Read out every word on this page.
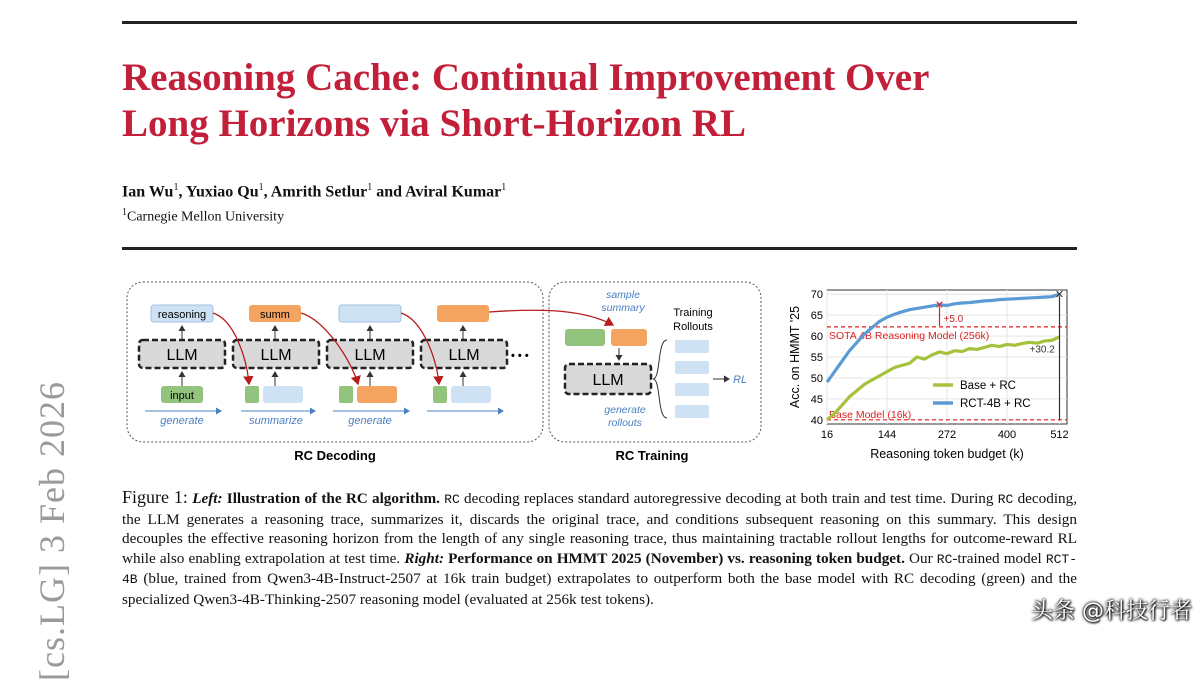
[cs.LG] 3 Feb 2026
Reasoning Cache: Continual Improvement Over
Long Horizons via Short-Horizon RL
Ian Wu$^1$, Yuxiao Qu$^1$, Amrith Setlur$^1$ and Aviral Kumar$^1$
$^1$Carnegie Mellon University
reasoning
LLM
input
generate
summ
LLM
summarize
LLM
generate
LLM	• • •
RC Decoding
sample
summary	Training
Rollouts
LLM	RL
generate
rollouts
RC Training
40
45
50
55
60
65
70
16	144	272	400	512
SOTA 4B Reasoning Model (256k)
Base Model (16k)
✕
✕
+5.0
+30.2
Base + RC
RCT-4B + RC
Reasoning token budget (k)
Acc. on HMMT '25
Figure 1: Left: Illustration of the RC algorithm. RC decoding replaces standard autoregressive decoding at both train and test time. During RC decoding, the LLM generates a reasoning trace, summarizes it, discards the original trace, and conditions subsequent reasoning on this summary. This design decouples the effective reasoning horizon from the length of any single reasoning trace, thus maintaining tractable rollout lengths for outcome-reward RL while also enabling extrapolation at test time. Right: Performance on HMMT 2025 (November) vs. reasoning token budget. Our RC-trained model RCT-4B (blue, trained from Qwen3-4B-Instruct-2507 at 16k train budget) extrapolates to outperform both the base model with RC decoding (green) and the specialized Qwen3-4B-Thinking-2507 reasoning model (evaluated at 256k test tokens).	头条 @科技行者
